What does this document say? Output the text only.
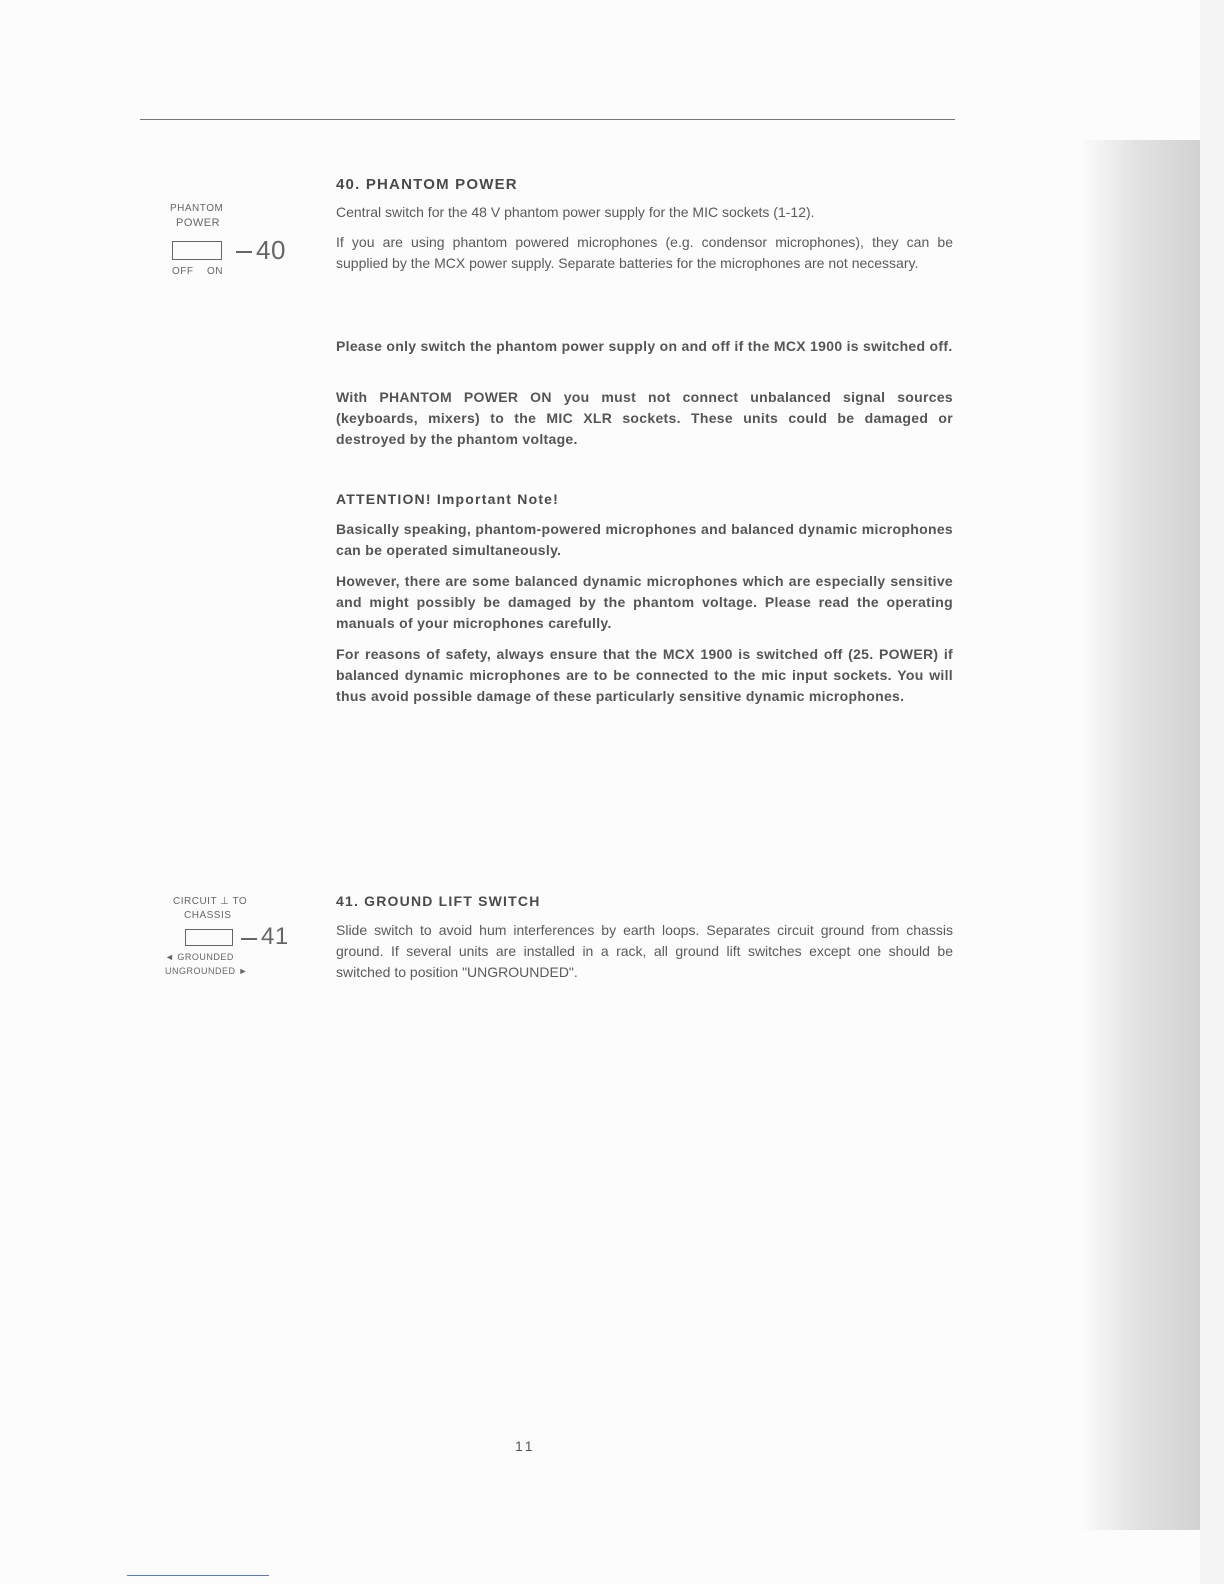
PHANTOM
POWER
40
OFF ON
CIRCUIT ⊥ TO
CHASSIS
41
◄ GROUNDED
UNGROUNDED ►
40. PHANTOM POWER

Central switch for the 48 V phantom power supply for the MIC sockets (1-12).

If you are using phantom powered microphones (e.g. condensor microphones), they can be supplied by the MCX power supply. Separate batteries for the microphones are not necessary.

Please only switch the phantom power supply on and off if the MCX 1900 is switched off.

With PHANTOM POWER ON you must not connect unbalanced signal sources (keyboards, mixers) to the MIC XLR sockets. These units could be damaged or destroyed by the phantom voltage.

ATTENTION! Important Note!

Basically speaking, phantom-powered microphones and balanced dynamic microphones can be operated simultaneously.

However, there are some balanced dynamic microphones which are especially sensitive and might possibly be damaged by the phantom voltage. Please read the operating manuals of your microphones carefully.

For reasons of safety, always ensure that the MCX 1900 is switched off (25. POWER) if balanced dynamic microphones are to be connected to the mic input sockets. You will thus avoid possible damage of these particularly sensitive dynamic microphones.

41. GROUND LIFT SWITCH

Slide switch to avoid hum interferences by earth loops. Separates circuit ground from chassis ground. If several units are installed in a rack, all ground lift switches except one should be switched to position "UNGROUNDED".

11
